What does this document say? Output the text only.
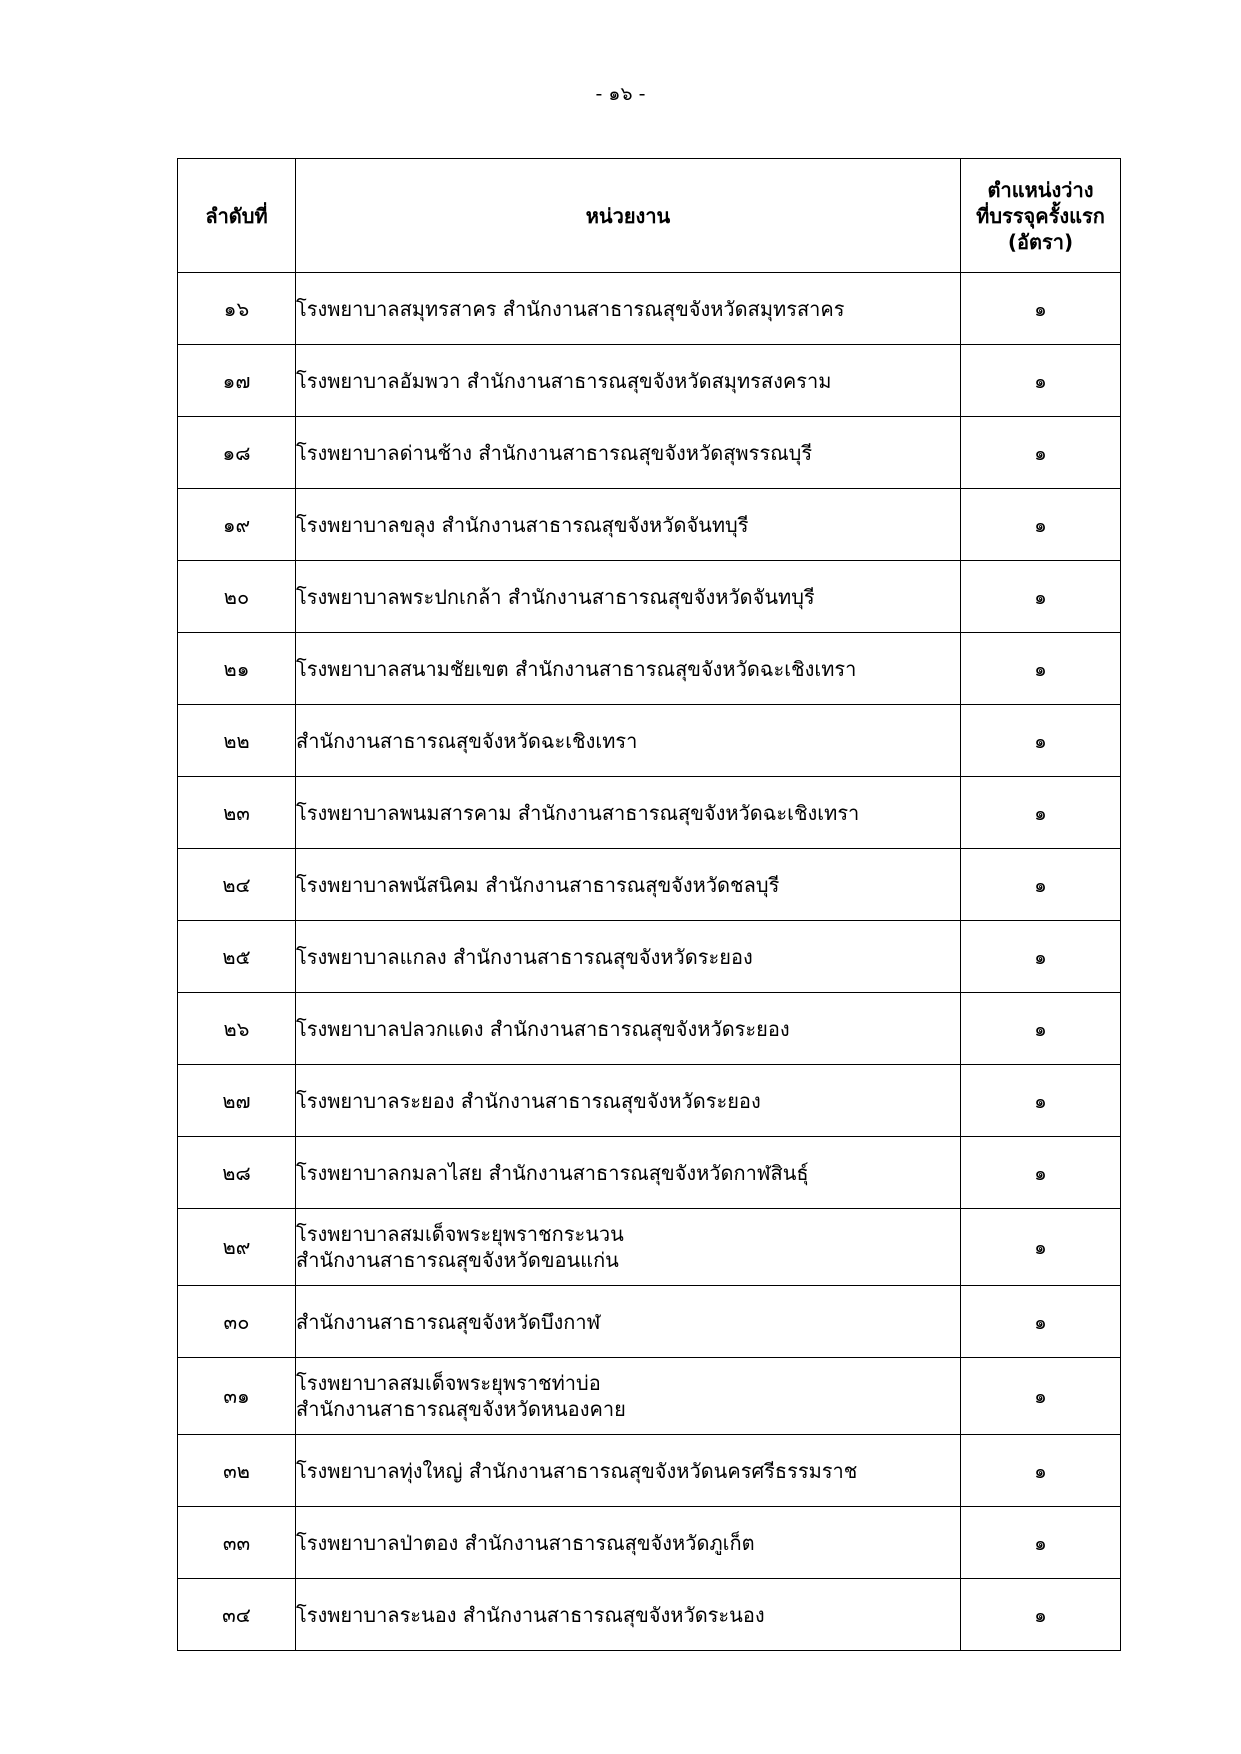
- ๑๖ -
ลำดับที่	หน่วยงาน	ตำแหน่งว่าง
ที่บรรจุครั้งแรก
(อัตรา)

๑๖	โรงพยาบาลสมุทรสาคร สำนักงานสาธารณสุขจังหวัดสมุทรสาคร	๑
๑๗	โรงพยาบาลอัมพวา สำนักงานสาธารณสุขจังหวัดสมุทรสงคราม	๑
๑๘	โรงพยาบาลด่านช้าง สำนักงานสาธารณสุขจังหวัดสุพรรณบุรี	๑
๑๙	โรงพยาบาลขลุง สำนักงานสาธารณสุขจังหวัดจันทบุรี	๑
๒๐	โรงพยาบาลพระปกเกล้า สำนักงานสาธารณสุขจังหวัดจันทบุรี	๑
๒๑	โรงพยาบาลสนามชัยเขต สำนักงานสาธารณสุขจังหวัดฉะเชิงเทรา	๑
๒๒	สำนักงานสาธารณสุขจังหวัดฉะเชิงเทรา	๑
๒๓	โรงพยาบาลพนมสารคาม สำนักงานสาธารณสุขจังหวัดฉะเชิงเทรา	๑
๒๔	โรงพยาบาลพนัสนิคม สำนักงานสาธารณสุขจังหวัดชลบุรี	๑
๒๕	โรงพยาบาลแกลง สำนักงานสาธารณสุขจังหวัดระยอง	๑
๒๖	โรงพยาบาลปลวกแดง สำนักงานสาธารณสุขจังหวัดระยอง	๑
๒๗	โรงพยาบาลระยอง สำนักงานสาธารณสุขจังหวัดระยอง	๑
๒๘	โรงพยาบาลกมลาไสย สำนักงานสาธารณสุขจังหวัดกาฬสินธุ์	๑
๒๙	โรงพยาบาลสมเด็จพระยุพราชกระนวน
สำนักงานสาธารณสุขจังหวัดขอนแก่น	๑
๓๐	สำนักงานสาธารณสุขจังหวัดบึงกาฬ	๑
๓๑	โรงพยาบาลสมเด็จพระยุพราชท่าบ่อ
สำนักงานสาธารณสุขจังหวัดหนองคาย	๑
๓๒	โรงพยาบาลทุ่งใหญ่ สำนักงานสาธารณสุขจังหวัดนครศรีธรรมราช	๑
๓๓	โรงพยาบาลป่าตอง สำนักงานสาธารณสุขจังหวัดภูเก็ต	๑
๓๔	โรงพยาบาลระนอง สำนักงานสาธารณสุขจังหวัดระนอง	๑
